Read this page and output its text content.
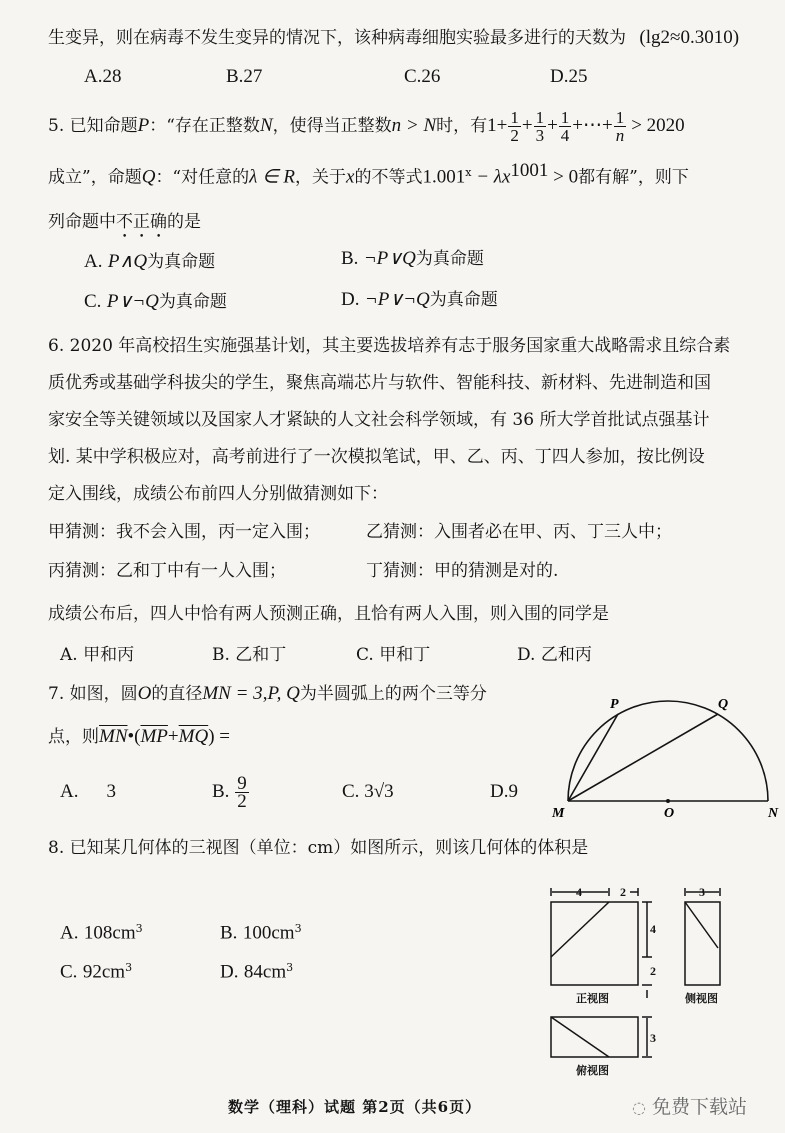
生变异，则在病毒不发生变异的情况下，该种病毒细胞实验最多进行的天数为 (lg2≈0.3010)
A.28	B.27	C.26	D.25
5. 已知命题P：“存在正整数N，使得当正整数n > N时，有$1+ \frac{1}{2} + \frac{1}{3} + \frac{1}{4}$ +⋯+ $\frac{1}{n} > 2020$
成立”，命题Q：“对任意的λ ∈ R，关于x的不等式$1.001^x - \lambda x^{1001} > 0$都有解”，则下
列命题中不正确的是
A. P∧Q为真命题	B. ¬P∨Q为真命题
C. P∨¬Q为真命题	D. ¬P∨¬Q为真命题
6. 2020 年高校招生实施强基计划，其主要选拔培养有志于服务国家重大战略需求且综合素
质优秀或基础学科拔尖的学生，聚焦高端芯片与软件、智能科技、新材料、先进制造和国
家安全等关键领域以及国家人才紧缺的人文社会科学领域，有 36 所大学首批试点强基计
划. 某中学积极应对，高考前进行了一次模拟笔试，甲、乙、丙、丁四人参加，按比例设
定入围线，成绩公布前四人分别做猜测如下：
甲猜测：我不会入围，丙一定入围；	乙猜测：入围者必在甲、丙、丁三人中；
丙猜测：乙和丁中有一人入围；	丁猜测：甲的猜测是对的.
成绩公布后，四人中恰有两人预测正确，且恰有两人入围，则入围的同学是
A. 甲和丙	B. 乙和丁	C. 甲和丁	D. 乙和丙
7. 如图，圆O的直径MN = 3,P, Q为半圆弧上的两个三等分
点，则$\overline{MN}•(\overline{MP}+\overline{MQ})$ =
A. 3	B. $\frac{9}{2}$	C. 3√3	D.9
P	Q
M	O	N
8. 已知某几何体的三视图（单位：cm）如图所示，则该几何体的体积是
A. $108cm^3$	B. $100cm^3$
C. $92cm^3$	D. $84cm^3$
4	2
4
2
3
3
正视图	侧视图
俯视图
数学（理科）试题 第2页（共6页）	◌ 免费下载站
